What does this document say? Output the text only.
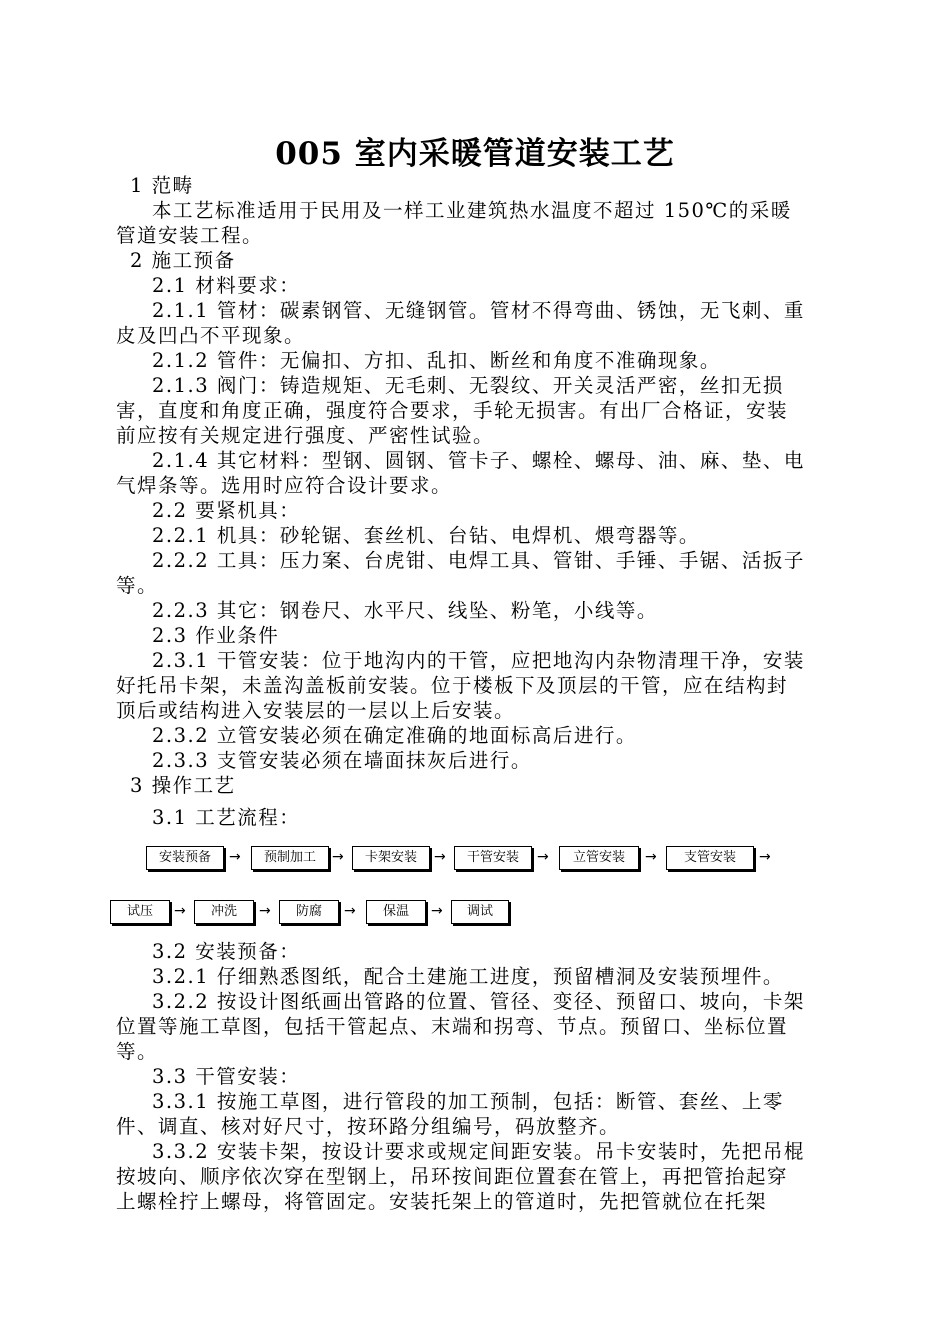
005 室内采暖管道安装工艺
1 范畴
本工艺标准适用于民用及一样工业建筑热水温度不超过 150℃的采暖
管道安装工程。
2 施工预备
2.1 材料要求：
2.1.1 管材：碳素钢管、无缝钢管。管材不得弯曲、锈蚀，无飞刺、重
皮及凹凸不平现象。
2.1.2 管件：无偏扣、方扣、乱扣、断丝和角度不准确现象。
2.1.3 阀门：铸造规矩、无毛刺、无裂纹、开关灵活严密，丝扣无损
害，直度和角度正确，强度符合要求，手轮无损害。有出厂合格证，安装
前应按有关规定进行强度、严密性试验。
2.1.4 其它材料：型钢、圆钢、管卡子、螺栓、螺母、油、麻、垫、电
气焊条等。选用时应符合设计要求。
2.2 要紧机具：
2.2.1 机具：砂轮锯、套丝机、台钻、电焊机、煨弯器等。
2.2.2 工具：压力案、台虎钳、电焊工具、管钳、手锤、手锯、活扳子
等。
2.2.3 其它：钢卷尺、水平尺、线坠、粉笔，小线等。
2.3 作业条件
2.3.1 干管安装：位于地沟内的干管，应把地沟内杂物清理干净，安装
好托吊卡架，未盖沟盖板前安装。位于楼板下及顶层的干管，应在结构封
顶后或结构进入安装层的一层以上后安装。
2.3.2 立管安装必须在确定准确的地面标高后进行。
2.3.3 支管安装必须在墙面抹灰后进行。
3 操作工艺
3.1 工艺流程：
安装预备	→	预制加工	→	卡架安装	→	干管安装	→	立管安装	→	支管安装	→
试压	→	冲洗	→	防腐	→	保温	→	调试
3.2 安装预备：
3.2.1 仔细熟悉图纸，配合土建施工进度，预留槽洞及安装预埋件。
3.2.2 按设计图纸画出管路的位置、管径、变径、预留口、坡向，卡架
位置等施工草图，包括干管起点、末端和拐弯、节点。预留口、坐标位置
等。
3.3 干管安装：
3.3.1 按施工草图，进行管段的加工预制，包括：断管、套丝、上零
件、调直、核对好尺寸，按环路分组编号，码放整齐。
3.3.2 安装卡架，按设计要求或规定间距安装。吊卡安装时，先把吊棍
按坡向、顺序依次穿在型钢上，吊环按间距位置套在管上，再把管抬起穿
上螺栓拧上螺母，将管固定。安装托架上的管道时，先把管就位在托架
